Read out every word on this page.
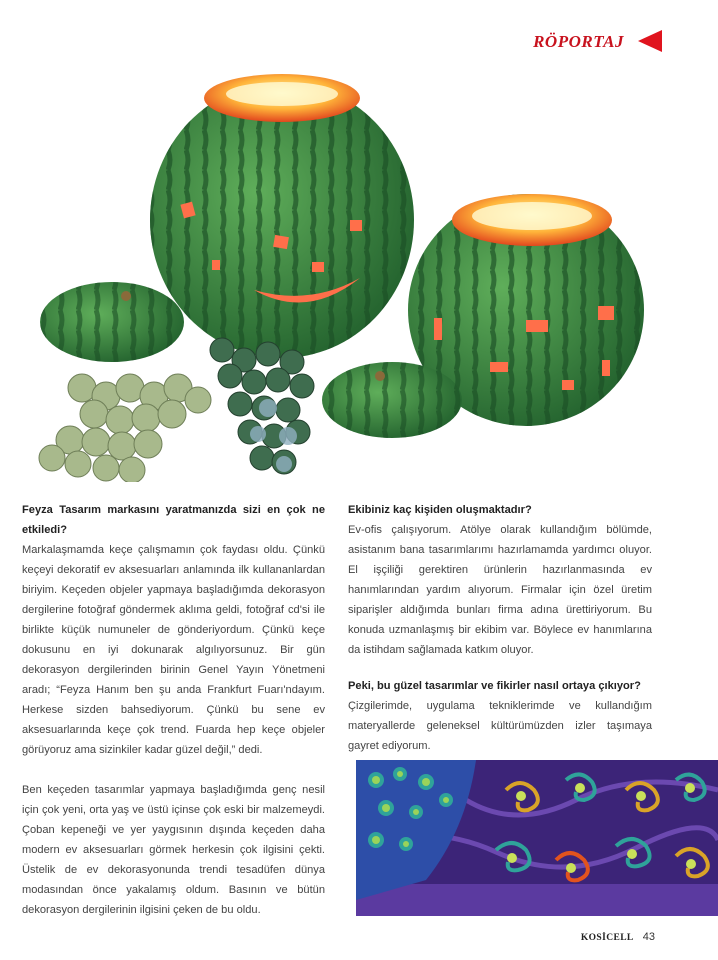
RÖPORTAJ
Feyza Tasarım markasını yaratmanızda sizi en çok ne etkiledi?
Markalaşmamda keçe çalışmamın çok faydası oldu. Çünkü keçeyi dekoratif ev aksesuarları anlamında ilk kullananlardan biriyim. Keçeden objeler yapmaya başladığımda dekorasyon dergilerine fotoğraf göndermek aklıma geldi, fotoğraf cd'si ile birlikte küçük numuneler de gönderiyordum. Çünkü keçe dokusunu en iyi dokunarak algılıyorsunuz. Bir gün dekorasyon dergilerinden birinin Genel Yayın Yönetmeni aradı; “Feyza Hanım ben şu anda Frankfurt Fuarı'ndayım. Herkese sizden bahsediyorum. Çünkü bu sene ev aksesuarlarında keçe çok trend. Fuarda hep keçe objeler görüyoruz ama sizinkiler kadar güzel değil,” dedi.
Ben keçeden tasarımlar yapmaya başladığımda genç nesil için çok yeni, orta yaş ve üstü içinse çok eski bir malzemeydi. Çoban kepeneği ve yer yaygısının dışında keçeden daha modern ev aksesuarları görmek herkesin çok ilgisini çekti. Üstelik de ev dekorasyonunda trendi tesadüfen dünya modasından önce yakalamış oldum. Basının ve bütün dekorasyon dergilerinin ilgisini çeken de bu oldu.
Ekibiniz kaç kişiden oluşmaktadır?
Ev-ofis çalışıyorum. Atölye olarak kullandığım bölümde, asistanım bana tasarımlarımı hazırlamamda yardımcı oluyor. El işçiliği gerektiren ürünlerin hazırlanmasında ev hanımlarından yardım alıyorum. Firmalar için özel üretim siparişler aldığımda bunları firma adına ürettiriyorum. Bu konuda uzmanlaşmış bir ekibim var. Böylece ev hanımlarına da istihdam sağlamada katkım oluyor.
Peki, bu güzel tasarımlar ve fikirler nasıl ortaya çıkıyor?
Çizgilerimde, uygulama tekniklerimde ve kullandığım materyallerde geleneksel kültürümüzden izler taşımaya gayret ediyorum.
KOSİCELL 43
